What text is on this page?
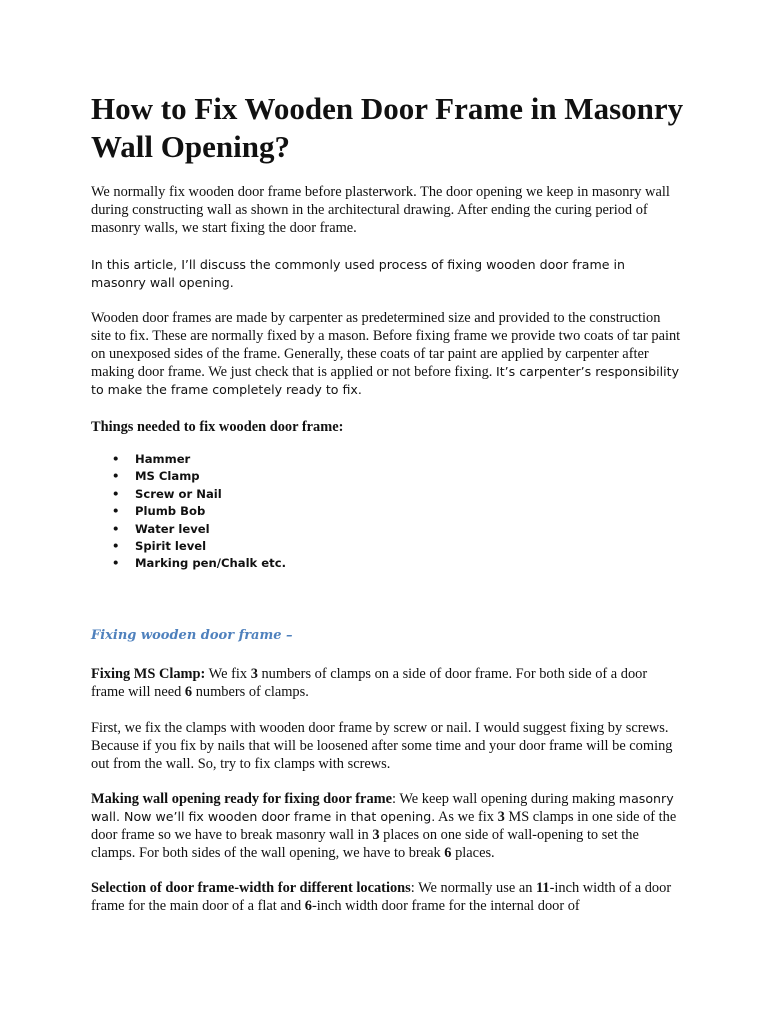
How to Fix Wooden Door Frame in Masonry Wall Opening?

We normally fix wooden door frame before plasterwork. The door opening we keep in masonry wall during constructing wall as shown in the architectural drawing. After ending the curing period of masonry walls, we start fixing the door frame.

In this article, I’ll discuss the commonly used process of fixing wooden door frame in masonry wall opening.

Wooden door frames are made by carpenter as predetermined size and provided to the construction site to fix. These are normally fixed by a mason. Before fixing frame we provide two coats of tar paint on unexposed sides of the frame. Generally, these coats of tar paint are applied by carpenter after making door frame. We just check that is applied or not before fixing. It’s carpenter’s responsibility to make the frame completely ready to fix.

Things needed to fix wooden door frame:

• Hammer
• MS Clamp
• Screw or Nail
• Plumb Bob
• Water level
• Spirit level
• Marking pen/Chalk etc.
Fixing wooden door frame –

Fixing MS Clamp: We fix 3 numbers of clamps on a side of door frame. For both side of a door frame will need 6 numbers of clamps.

First, we fix the clamps with wooden door frame by screw or nail. I would suggest fixing by screws. Because if you fix by nails that will be loosened after some time and your door frame will be coming out from the wall. So, try to fix clamps with screws.

Making wall opening ready for fixing door frame: We keep wall opening during making masonry wall. Now we’ll fix wooden door frame in that opening. As we fix 3 MS clamps in one side of the door frame so we have to break masonry wall in 3 places on one side of wall-opening to set the clamps. For both sides of the wall opening, we have to break 6 places.

Selection of door frame-width for different locations: We normally use an 11-inch width of a door frame for the main door of a flat and 6-inch width door frame for the internal door of
